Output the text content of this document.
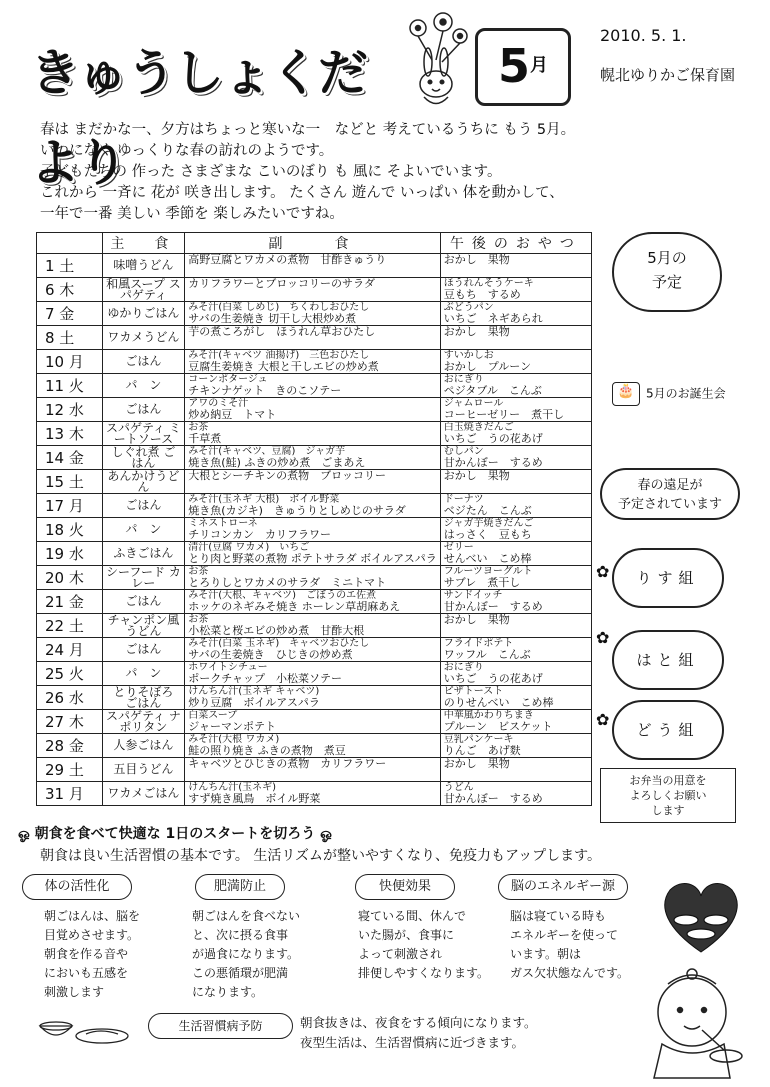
きゅうしょくだより
5月
2010. 5. 1.
幌北ゆりかご保育園
春は まだかな一、夕方はちょっと寒いな一　などと 考えているうちに もう 5月。
いつになく ゆっくりな春の訪れのようです。
子どもたちの 作った さまざまな こいのぼり も 風に そよいでいます。
これから 一斉に 花が 咲き出します。 たくさん 遊んで いっぱい 体を動かして、
一年で一番 美しい 季節を 楽しみたいですね。
	主　食	副　　食	午後のおやつ
1 土	味噌うどん	高野豆腐とワカメの煮物　甘酢きゅうり	おかし　果物

6 木	和風スープ スパゲティ	カリフラワーとブロッコリーのサラダ	ほうれんそうケーキ
豆もち　するめ

7 金	ゆかりごはん	みそ汁(白菜 しめじ)　ちくわしおひたし
サバの生姜焼き 切干し大根炒め煮	ぶどうパン
いちご　ネギあられ

8 土	ワカメうどん	芋の煮ころがし　ほうれん草おひたし	おかし　果物

10 月	ごはん	みそ汁(キャベツ 油揚げ)　三色おひたし
豆腐生姜焼き 大根と干しエビの炒め煮	すいかしお
おかし　プルーン

11 火	パ　ン	コーンポタージュ
チキンナゲット　きのこソテー	おにぎり
ペジタブル　こんぶ

12 水	ごはん	アワのミそ汁
炒め納豆　トマト	ジャムロール
コーヒーゼリー　煮干し

13 木	スパゲティ ミートソース	お茶
千草煮	白玉焼きだんご
いちご　うの花あげ

14 金	しぐれ煮 ごはん	みそ汁(キャベツ、豆腐)　ジャガ芋
焼き魚(鮭) ふきの炒め煮　ごまあえ	むしパン
甘かんぼー　するめ

15 土	あんかけうどん	大根とシーチキンの煮物　ブロッコリー	おかし　果物

17 月	ごはん	みそ汁(玉ネギ 大根)　ボイル野菜
焼き魚(カジキ)　きゅうりとしめじのサラダ	ドーナツ
ベジたん　こんぶ

18 火	パ　ン	ミネストローネ
チリコンカン　カリフラワー	ジャガ芋焼きだんご
はっさく　豆もち

19 水	ふきごはん	清汁(豆腐 ワカメ)　いちご
とり肉と野菜の煮物 ポテトサラダ ボイルアスパラ	ゼリー
せんべい　こめ棒

20 木	シーフード カレー	お茶
とろりしとワカメのサラダ　ミニトマト	フルーツヨーグルト
サブレ　煮干し

21 金	ごはん	みそ汁(大根、キャベツ)　ごぼうのエ佐煮
ホッケのネギみそ焼き ホーレン草胡麻あえ	サンドイッチ
甘かんぼー　するめ

22 土	チャンポン風 うどん	お茶
小松菜と桜エビの炒め煮　甘酢大根	おかし　果物

24 月	ごはん	みそ汁(白菜 玉ネギ)　キャベツおひたし
サバの生姜焼き　ひじきの炒め煮	フライドポテト
ワッフル　こんぶ

25 火	パ　ン	ホワイトシチュー
ポークチャップ　小松菜ソテー	おにぎり
いちご　うの花あげ

26 水	とりそぼろ ごはん	けんちん汁(玉ネギ キャベツ)
炒り豆腐　ボイルアスパラ	ピザトースト
のりせんべい　こめ棒

27 木	スパゲティ ナポリタン	白菜スープ
ジャーマンポテト	中華風かわりちまき
プルーン　ビスケット

28 金	人参ごはん	みそ汁(大根 ワカメ)
鮭の照り焼き ふきの煮物　煮豆	豆乳パンケーキ
りんご　あげ麩

29 土	五目うどん	キャベツとひじきの煮物　カリフラワー	おかし　果物

31 月	ワカメごはん	けんちん汁(玉ネギ)
すず焼き風鳥　ボイル野菜	うどん
甘かんぼー　するめ
5月の
予定
🎂 5月のお誕生会
春の遠足が
予定されています
✿	りす組
✿
はと組
✿
どう組
お弁当の用意を
よろしくお願い
します
ஓ 朝食を食べて快適な 1日のスタートを切ろう ஓ
朝食は良い生活習慣の基本です。 生活リズムが整いやすくなり、免疫力もアップします。
体の活性化	肥満防止	快便効果	脳のエネルギー源
朝ごはんは、脳を
目覚めさせます。
朝食を作る音や
においも五感を
刺激します
朝ごはんを食べない
と、次に摂る食事
が過食になります。
この悪循環が肥満
になります。
寝ている間、休んで
いた腸が、食事に
よって刺激され
排便しやすくなります。
脳は寝ている時も
エネルギーを使って
います。朝は
ガス欠状態なんです。
生活習慣病予防	朝食抜きは、夜食をする傾向になります。
夜型生活は、生活習慣病に近づきます。
